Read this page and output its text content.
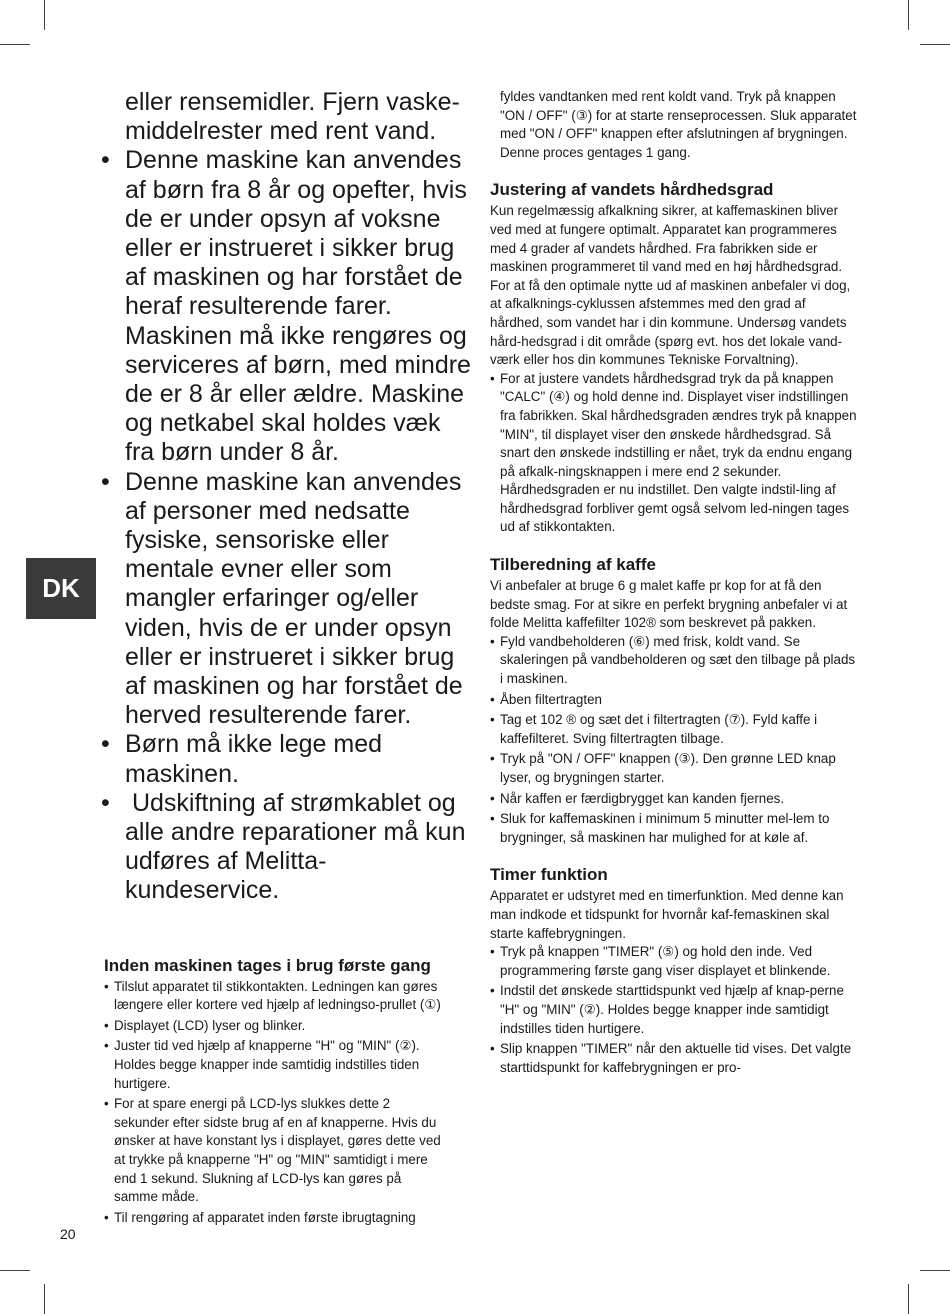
DK

eller rensemidler. Fjern vaskemiddelrester med rent vand.

• Denne maskine kan anvendes af børn fra 8 år og opefter, hvis de er under opsyn af voksne eller er instrueret i sikker brug af maskinen og har forstået de heraf resulterende farer. Maskinen må ikke rengøres og serviceres af børn, med mindre de er 8 år eller ældre. Maskine og netkabel skal holdes væk fra børn under 8 år.
• Denne maskine kan anvendes af personer med nedsatte fysiske, sensoriske eller mentale evner eller som mangler erfaringer og/eller viden, hvis de er under opsyn eller er instrueret i sikker brug af maskinen og har forstået de herved resulterende farer.
• Børn må ikke lege med maskinen.
•  Udskiftning af strømkablet og alle andre reparationer må kun udføres af Melitta-kundeservice.
Inden maskinen tages i brug første gang
• Tilslut apparatet til stikkontakten. Ledningen kan gøres længere eller kortere ved hjælp af ledningso-prullet (①)
• Displayet (LCD) lyser og blinker.
• Juster tid ved hjælp af knapperne "H" og "MIN" (②). Holdes begge knapper inde samtidig indstilles tiden hurtigere.
• For at spare energi på LCD-lys slukkes dette 2 sekunder efter sidste brug af en af knapperne. Hvis du ønsker at have konstant lys i displayet, gøres dette ved at trykke på knapperne "H" og "MIN" samtidigt i mere end 1 sekund. Slukning af LCD-lys kan gøres på samme måde.
• Til rengøring af apparatet inden første ibrugtagning

fyldes vandtanken med rent koldt vand. Tryk på knappen "ON / OFF" (③) for at starte renseprocessen. Sluk apparatet med "ON / OFF" knappen efter afslutningen af brygningen. Denne proces gentages 1 gang.

Justering af vandets hårdhedsgrad

Kun regelmæssig afkalkning sikrer, at kaffemaskinen bliver ved med at fungere optimalt. Apparatet kan programmeres med 4 grader af vandets hårdhed. Fra fabrikken side er maskinen programmeret til vand med en høj hårdhedsgrad. For at få den optimale nytte ud af maskinen anbefaler vi dog, at afkalknings-cyklussen afstemmes med den grad af hårdhed, som vandet har i din kommune. Undersøg vandets hård-hedsgrad i dit område (spørg evt. hos det lokale vand-værk eller hos din kommunes Tekniske Forvaltning).

• For at justere vandets hårdhedsgrad tryk da på knappen "CALC" (④) og hold denne ind. Displayet viser indstillingen fra fabrikken. Skal hårdhedsgraden ændres tryk på knappen "MIN", til displayet viser den ønskede hårdhedsgrad. Så snart den ønskede indstilling er nået, tryk da endnu engang på afkalk-ningsknappen i mere end 2 sekunder. Hårdhedsgraden er nu indstillet. Den valgte indstil-ling af hårdhedsgrad forbliver gemt også selvom led-ningen tages ud af stikkontakten.
Tilberedning af kaffe

Vi anbefaler at bruge 6 g malet kaffe pr kop for at få den bedste smag. For at sikre en perfekt brygning anbefaler vi at folde Melitta kaffefilter 102® som beskrevet på pakken.

• Fyld vandbeholderen (⑥) med frisk, koldt vand. Se skaleringen på vandbeholderen og sæt den tilbage på plads i maskinen.
• Åben filtertragten
• Tag et 102 ® og sæt det i filtertragten (⑦). Fyld kaffe i kaffefilteret. Sving filtertragten tilbage.
• Tryk på "ON / OFF" knappen (③). Den grønne LED knap lyser, og brygningen starter.
• Når kaffen er færdigbrygget kan kanden fjernes.
• Sluk for kaffemaskinen i minimum 5 minutter mel-lem to brygninger, så maskinen har mulighed for at køle af.
Timer funktion

Apparatet er udstyret med en timerfunktion. Med denne kan man indkode et tidspunkt for hvornår kaf-femaskinen skal starte kaffebrygningen.

• Tryk på knappen "TIMER" (⑤) og hold den inde. Ved programmering første gang viser displayet et blinkende.
• Indstil det ønskede starttidspunkt ved hjælp af knap-perne "H" og "MIN" (②). Holdes begge knapper inde samtidigt indstilles tiden hurtigere.
• Slip knappen "TIMER" når den aktuelle tid vises. Det valgte starttidspunkt for kaffebrygningen er pro-
20
